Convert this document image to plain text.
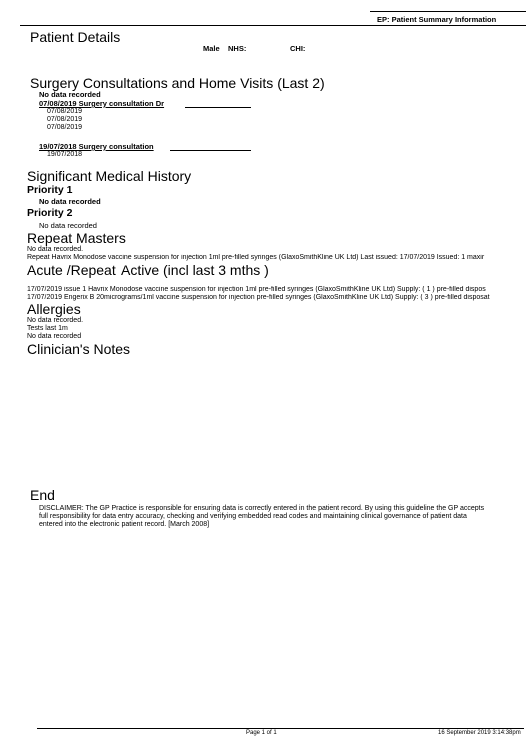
EP: Patient Summary Information
Patient Details
Male NHS:	CHI:
Surgery Consultations and Home Visits (Last 2)
No data recorded
07/08/2019 Surgery consultation Dr
07/08/2019
07/08/2019
07/08/2019
19/07/2018 Surgery consultation
19/07/2018
Significant Medical History
Priority 1
No data recorded
Priority 2
No data recorded
Repeat Masters
No data recorded.
Repeat Havrix Monodose vaccine suspension for injection 1ml pre-filled syringes (GlaxoSmithKline UK Ltd) Last issued: 17/07/2019 Issued: 1 maxir
Acute /Repeat Active (incl last 3 mths )
17/07/2019 issue 1 Havrix Monodose vaccine suspension for injection 1ml pre-filled syringes (GlaxoSmithKline UK Ltd) Supply: ( 1 ) pre-filled dispos
17/07/2019 Engerix B 20micrograms/1ml vaccine suspension for injection pre-filled syringes (GlaxoSmithKline UK Ltd) Supply: ( 3 ) pre-filled disposat
Allergies
No data recorded.
Tests last 1m
No data recorded
Clinician's Notes
End
DISCLAIMER: The GP Practice is responsible for ensuring data is correctly entered in the patient record. By using this guideline the GP accepts
full responsibility for data entry accuracy, checking and verifying embedded read codes and maintaining clinical governance of patient data
entered into the electronic patient record. [March 2008]
Page 1 of 1	16 September 2019 3:14:38pm
